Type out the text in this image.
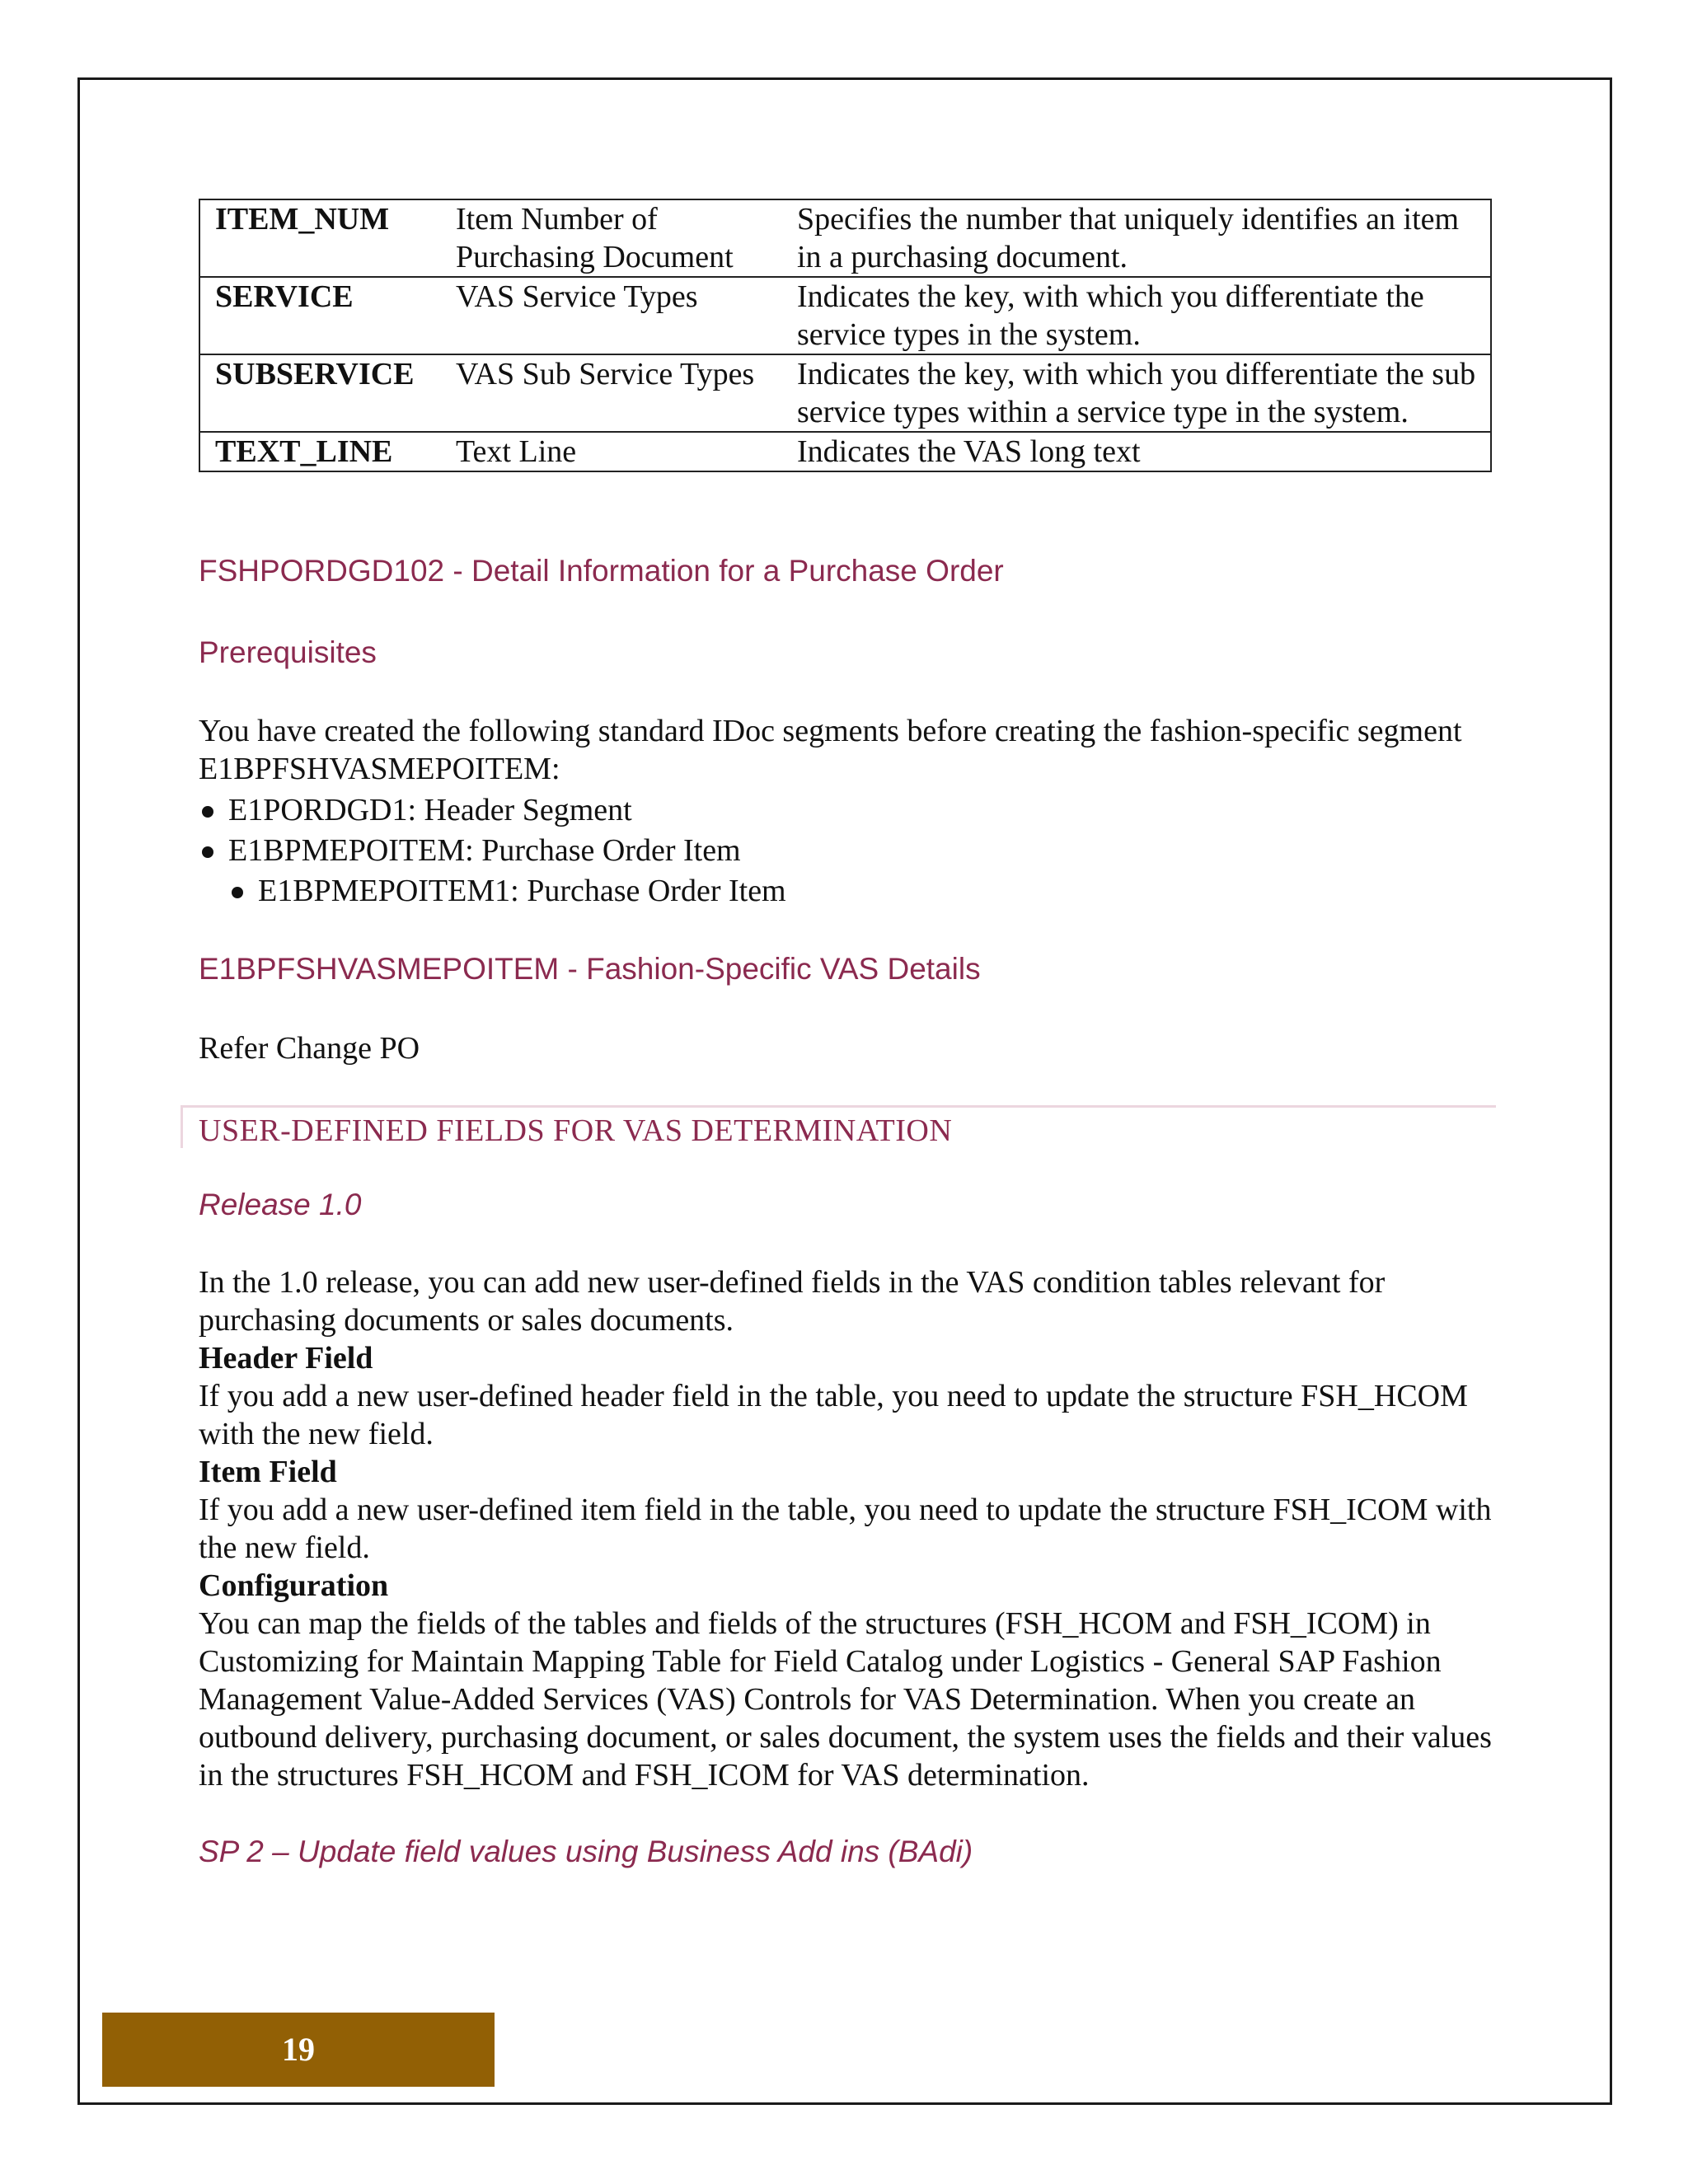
ITEM_NUM	Item Number of Purchasing Document	Specifies the number that uniquely identifies an item in a purchasing document.
SERVICE	VAS Service Types	Indicates the key, with which you differentiate the service types in the system.
SUBSERVICE	VAS Sub Service Types	Indicates the key, with which you differentiate the sub service types within a service type in the system.
TEXT_LINE	Text Line	Indicates the VAS long text
FSHPORDGD102 - Detail Information for a Purchase Order
Prerequisites
You have created the following standard IDoc segments before creating the fashion-specific segment E1BPFSHVASMEPOITEM:
E1PORDGD1: Header Segment
E1BPMEPOITEM: Purchase Order Item
E1BPMEPOITEM1: Purchase Order Item
E1BPFSHVASMEPOITEM - Fashion-Specific VAS Details
Refer Change PO
USER-DEFINED FIELDS FOR VAS DETERMINATION
Release 1.0
In the 1.0 release, you can add new user-defined fields in the VAS condition tables relevant for purchasing documents or sales documents.
Header Field
If you add a new user-defined header field in the table, you need to update the structure FSH_HCOM with the new field.
Item Field
If you add a new user-defined item field in the table, you need to update the structure FSH_ICOM with the new field.
Configuration
You can map the fields of the tables and fields of the structures (FSH_HCOM and FSH_ICOM) in Customizing for Maintain Mapping Table for Field Catalog under Logistics - General SAP Fashion Management Value-Added Services (VAS) Controls for VAS Determination. When you create an outbound delivery, purchasing document, or sales document, the system uses the fields and their values in the structures FSH_HCOM and FSH_ICOM for VAS determination.
SP 2 – Update field values using Business Add ins (BAdi)
19
